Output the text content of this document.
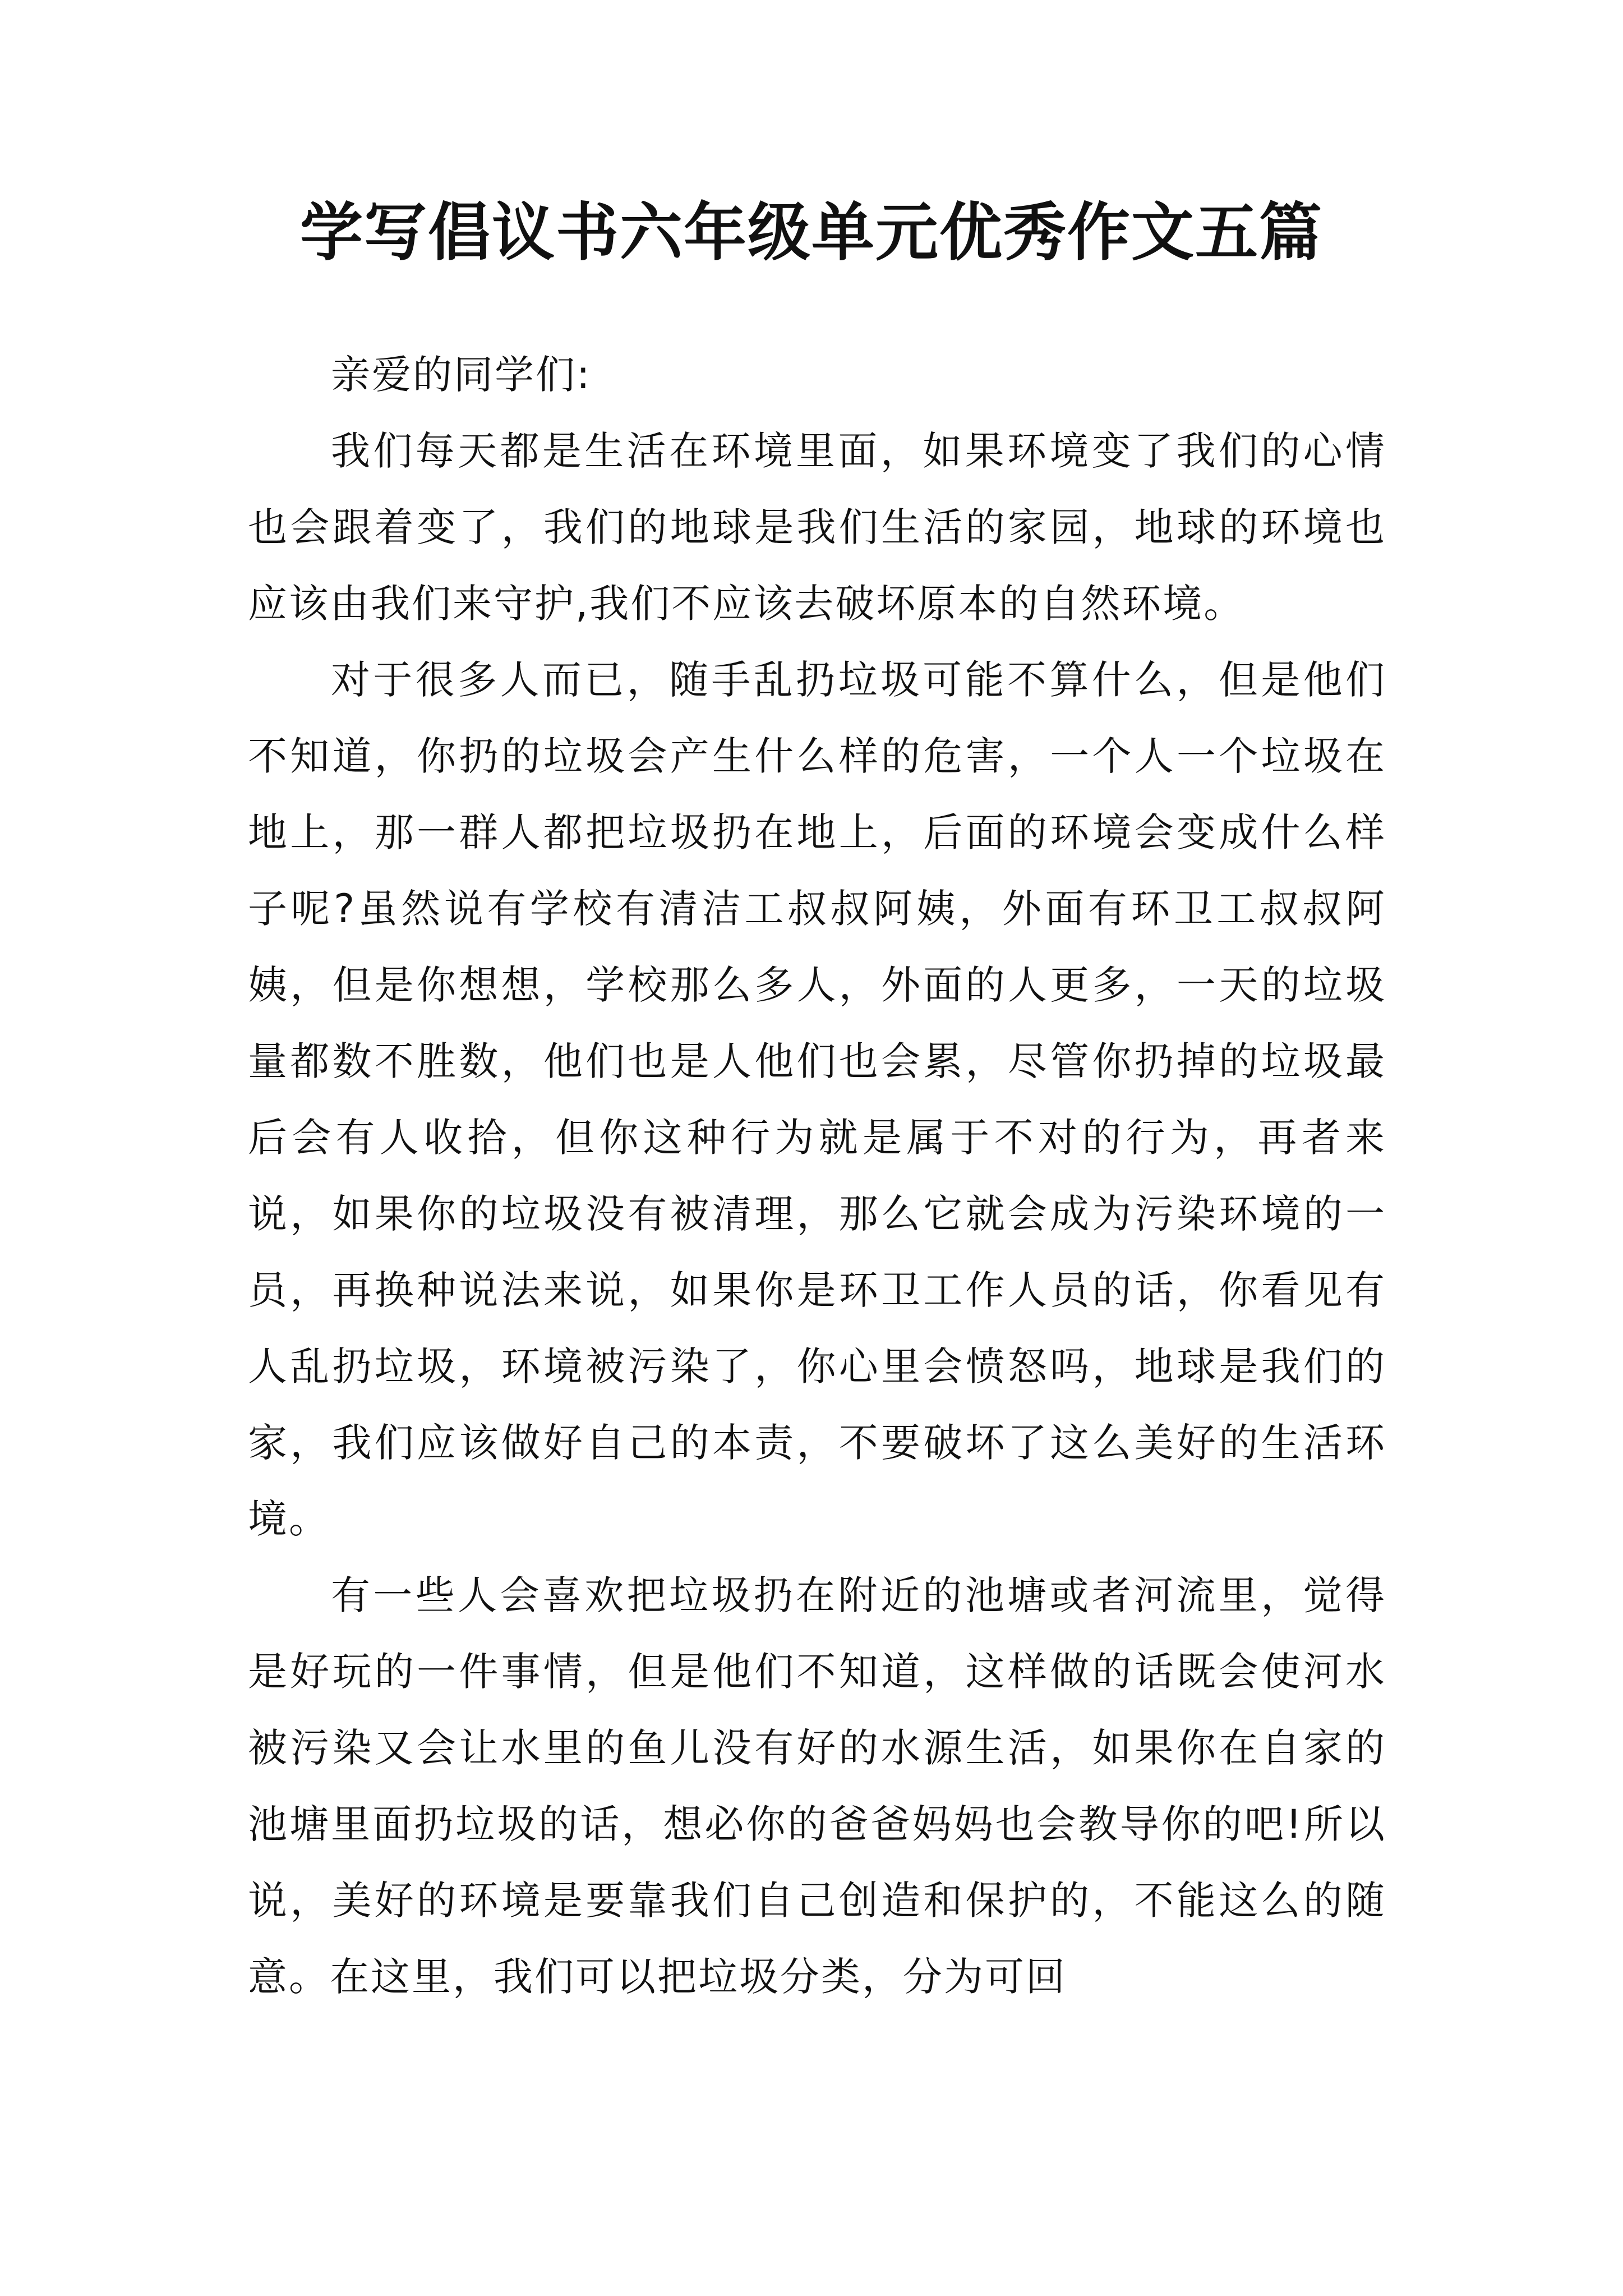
学写倡议书六年级单元优秀作文五篇

亲爱的同学们:

我们每天都是生活在环境里面，如果环境变了我们的心情也会跟着变了，我们的地球是我们生活的家园，地球的环境也应该由我们来守护,我们不应该去破坏原本的自然环境。

对于很多人而已，随手乱扔垃圾可能不算什么，但是他们不知道，你扔的垃圾会产生什么样的危害，一个人一个垃圾在地上，那一群人都把垃圾扔在地上，后面的环境会变成什么样子呢?虽然说有学校有清洁工叔叔阿姨，外面有环卫工叔叔阿姨，但是你想想，学校那么多人，外面的人更多，一天的垃圾量都数不胜数，他们也是人他们也会累，尽管你扔掉的垃圾最后会有人收拾，但你这种行为就是属于不对的行为，再者来说，如果你的垃圾没有被清理，那么它就会成为污染环境的一员，再换种说法来说，如果你是环卫工作人员的话，你看见有人乱扔垃圾，环境被污染了，你心里会愤怒吗，地球是我们的家，我们应该做好自己的本责，不要破坏了这么美好的生活环境。

有一些人会喜欢把垃圾扔在附近的池塘或者河流里，觉得是好玩的一件事情，但是他们不知道，这样做的话既会使河水被污染又会让水里的鱼儿没有好的水源生活，如果你在自家的池塘里面扔垃圾的话，想必你的爸爸妈妈也会教导你的吧!所以说，美好的环境是要靠我们自己创造和保护的，不能这么的随意。在这里，我们可以把垃圾分类，分为可回
